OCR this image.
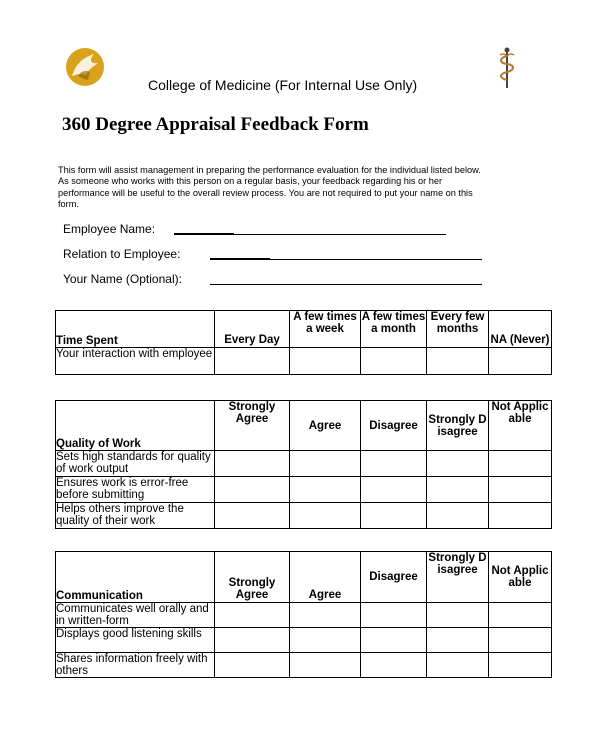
College of Medicine (For Internal Use Only)
360 Degree Appraisal Feedback Form

This form will assist management in preparing the performance evaluation for the individual listed below.

As someone who works with this person on a regular basis, your feedback regarding his or her

performance will be useful to the overall review process. You are not required to put your name on this

form.

Employee Name:
Relation to Employee:
Your Name (Optional):
Time Spent	Every Day	A few times a week	A few times a month	Every few months	NA (Never)
Your interaction with employee					
Quality of Work	Strongly Agree	Agree	Disagree	Strongly Disagree	Not Applicable
Sets high standards for quality of work output					
Ensures work is error-free before submitting					
Helps others improve the quality of their work					
Communication	Strongly Agree	Agree	Disagree	Strongly Disagree	Not Applicable
Communicates well orally and in written-form					
Displays good listening skills					
Shares information freely with others					
